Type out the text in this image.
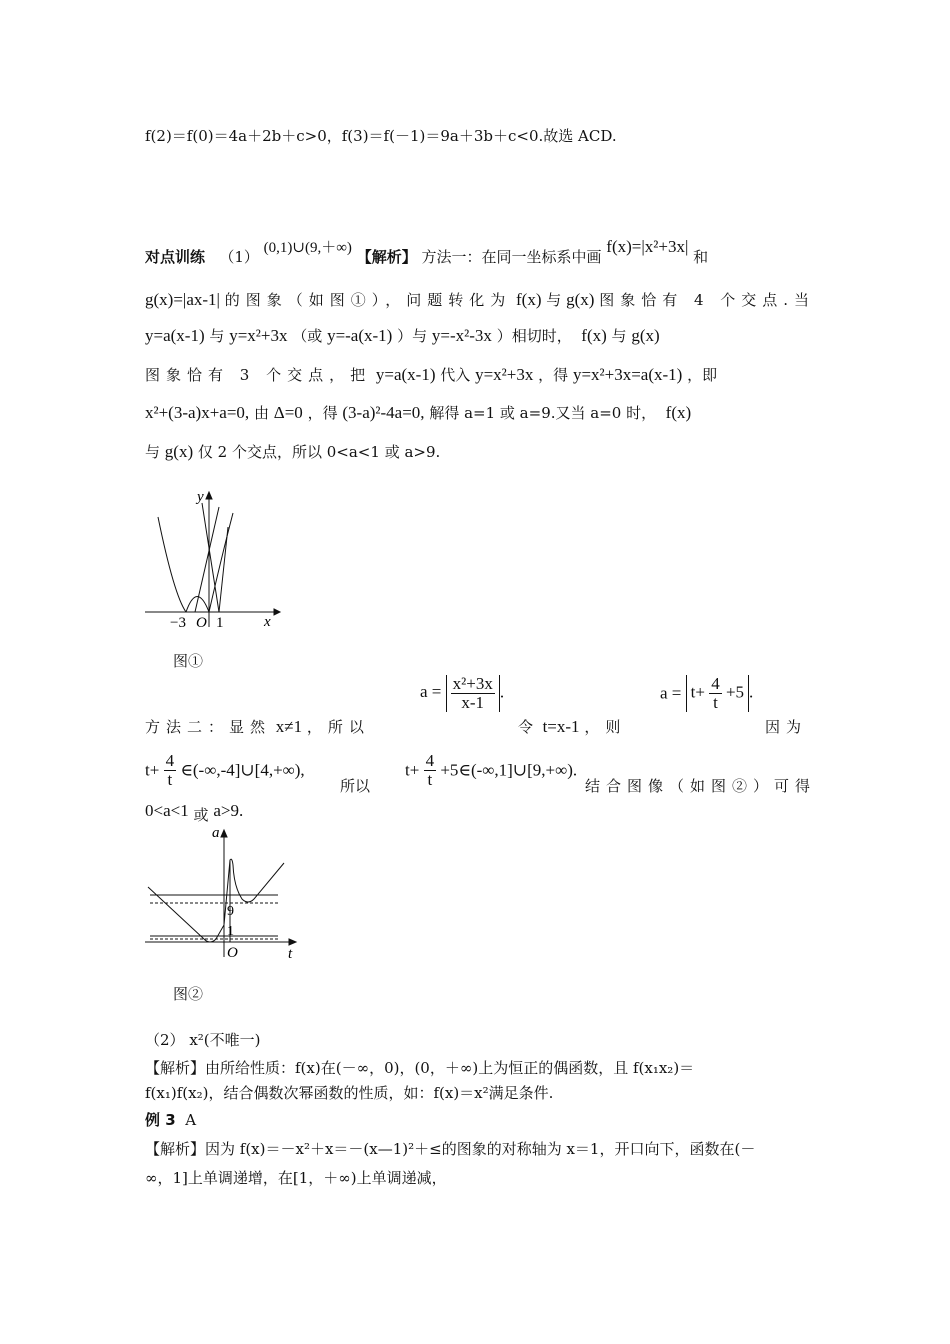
f(2)＝f(0)＝4a＋2b＋c>0，f(3)＝f(－1)＝9a＋3b＋c<0.故选 ACD.
对点训练 （1） (0,1)∪(9,＋∞) 【解析】 方法一：在同一坐标系中画 f(x)=|x²+3x| 和
g(x)=|ax-1| 的图象（如图①），问题转化为 f(x) 与 g(x) 图象恰有 4 个交点.当
y=a(x-1) 与 y=x²+3x （或 y=-a(x-1) ）与 y=-x²-3x ）相切时， f(x) 与 g(x)
图象恰有 3 个交点，把 y=a(x-1) 代入 y=x²+3x ，得 y=x²+3x=a(x-1) ，即
x²+(3-a)x+a=0, 由 Δ=0 ，得 (3-a)²-4a=0, 解得 a=1 或 a=9.又当 a=0 时， f(x)
与 g(x) 仅 2 个交点，所以 0<a<1 或 a>9.
y
x
−3 O 1
图①
a = x²+3x
x-1
.	$a = t+ \frac{4}{t} +5$ .
方法二：显然 x≠1 ，所以	令 t=x-1 ，则	因为
$t+ \frac{4}{t}$ ∈(-∞,-4]∪[4,+∞),
所以
$t+ \frac{4}{t}$ +5∈(-∞,1]∪[9,+∞).
结合图像（如图②）可得
0<a<1 或 a>9.
a
t
9
1
O
图②
（2） x²(不唯一)
【解析】由所给性质：f(x)在(－∞，0)，(0，＋∞)上为恒正的偶函数，且 f(x₁x₂)＝
f(x₁)f(x₂)，结合偶数次幂函数的性质，如：f(x)＝x²满足条件.
例 3 A
【解析】因为 f(x)＝－x²＋x＝－(x—1)²＋≤的图象的对称轴为 x＝1，开口向下，函数在(－
∞，1]上单调递增，在[1，＋∞)上单调递减，
